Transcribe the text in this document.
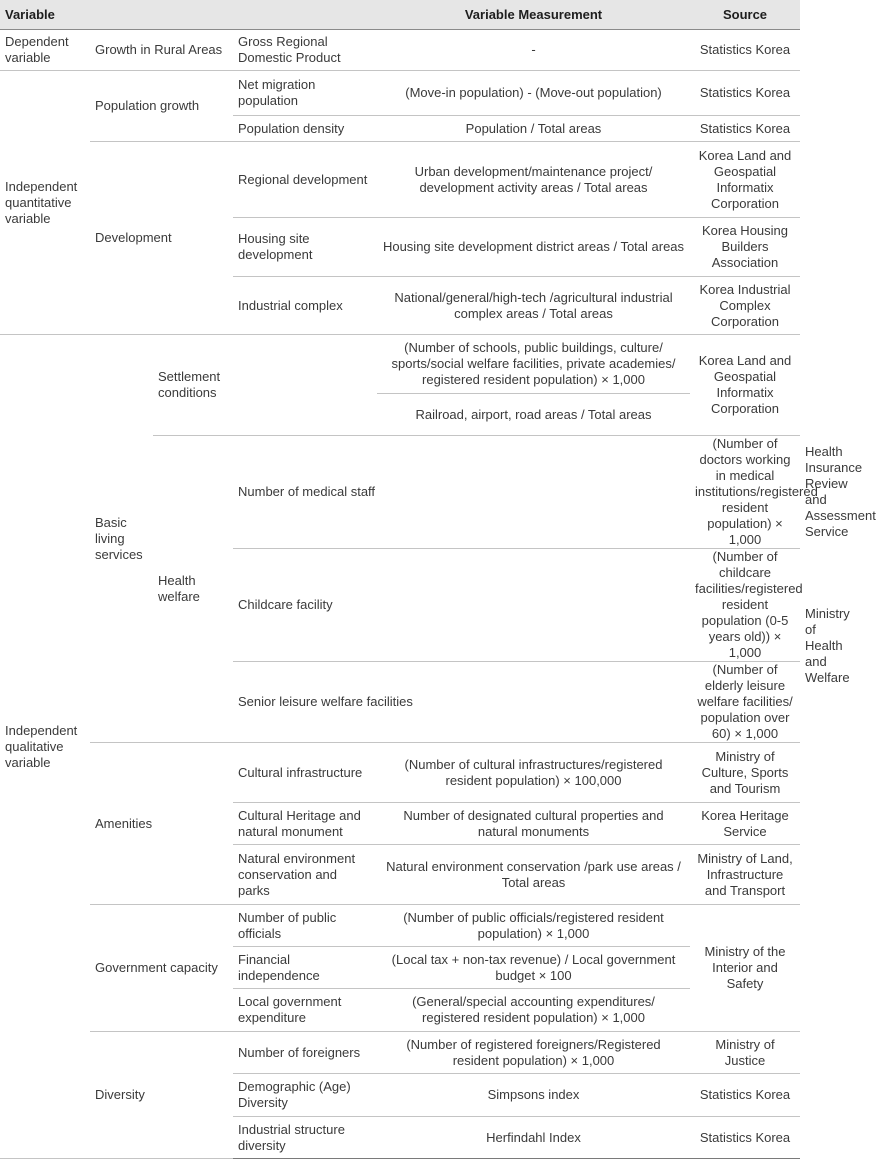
Variable				Variable Measurement	Source	
Dependent variable	Growth in Rural Areas		Gross Regional Domestic Product	-	Statistics Korea	
Independent quantitative variable	Population growth		Net migration population	(Move-in population) - (Move-out population)	Statistics Korea	
			Population density	Population / Total areas	Statistics Korea	
	Development		Regional development	Urban development/maintenance project/ development activity areas / Total areas	Korea Land and Geospatial Informatix Corporation	
			Housing site development	Housing site development district areas / Total areas	Korea Housing Builders Association	
			Industrial complex	National/general/high-tech /agricultural industrial complex areas / Total areas	Korea Industrial Complex Corporation	
Independent qualitative variable	Basic living services	Settlement conditions		(Number of schools, public buildings, culture/ sports/social welfare facilities, private academies/ registered resident population) × 1,000	Korea Land and Geospatial Informatix Corporation	
				Railroad, airport, road areas / Total areas		
		Health welfare	Number of medical staff		(Number of doctors working in medical institutions/registered resident population) × 1,000	Health Insurance Review and Assessment Service
			Childcare facility		(Number of childcare facilities/registered resident population (0-5 years old)) × 1,000	Ministry of Health and Welfare
			Senior leisure welfare facilities		(Number of elderly leisure welfare facilities/ population over 60) × 1,000	
	Amenities		Cultural infrastructure	(Number of cultural infrastructures/registered resident population) × 100,000	Ministry of Culture, Sports and Tourism	
			Cultural Heritage and natural monument	Number of designated cultural properties and natural monuments	Korea Heritage Service	
			Natural environment conservation and parks	Natural environment conservation /park use areas / Total areas	Ministry of Land, Infrastructure and Transport	
	Government capacity		Number of public officials	(Number of public officials/registered resident population) × 1,000	Ministry of the Interior and Safety	
			Financial independence	(Local tax + non-tax revenue) / Local government budget × 100		
			Local government expenditure	(General/special accounting expenditures/ registered resident population) × 1,000		
	Diversity		Number of foreigners	(Number of registered foreigners/Registered resident population) × 1,000	Ministry of Justice	
			Demographic (Age) Diversity	Simpsons index	Statistics Korea	
			Industrial structure diversity	Herfindahl Index	Statistics Korea	
